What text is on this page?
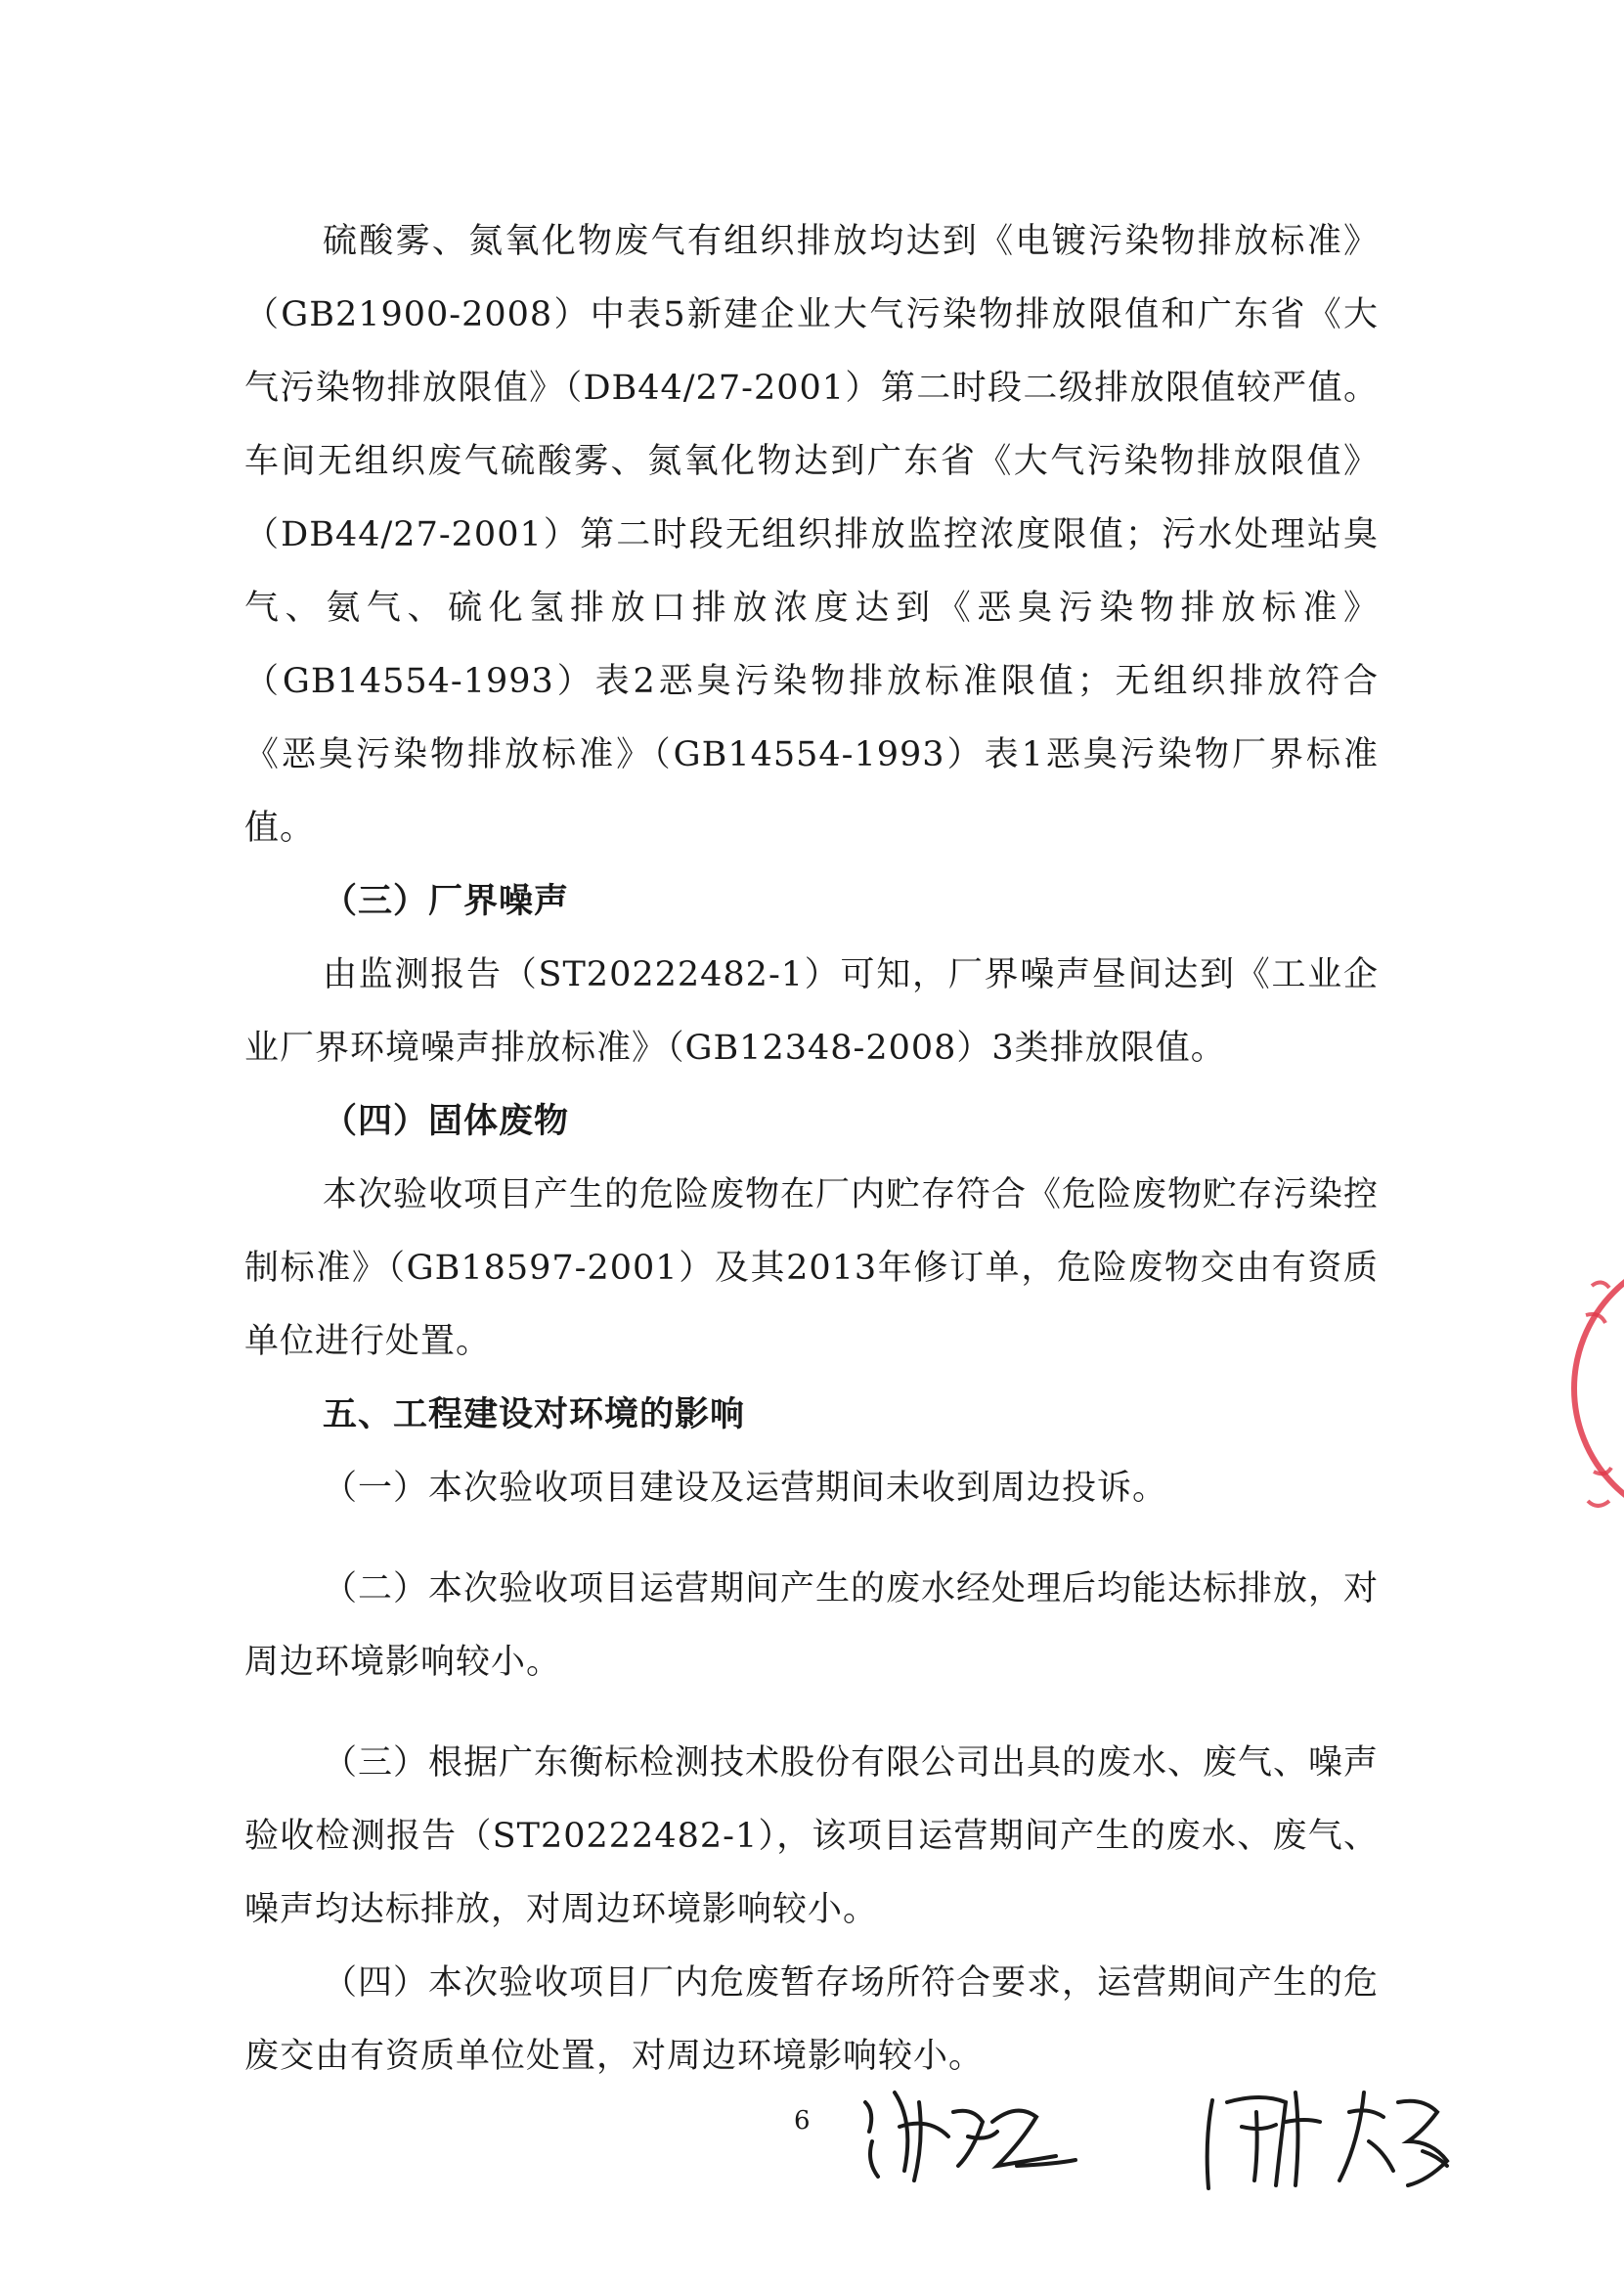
硫酸雾、氮氧化物废气有组织排放均达到《电镀污染物排放标准》（GB21900-2008）中表5新建企业大气污染物排放限值和广东省《大气污染物排放限值》（DB44/27-2001）第二时段二级排放限值较严值。车间无组织废气硫酸雾、氮氧化物达到广东省《大气污染物排放限值》（DB44/27-2001）第二时段无组织排放监控浓度限值；污水处理站臭气、氨气、硫化氢排放口排放浓度达到《恶臭污染物排放标准》（GB14554-1993）表2恶臭污染物排放标准限值；无组织排放符合《恶臭污染物排放标准》（GB14554-1993）表1恶臭污染物厂界标准值。

（三）厂界噪声

由监测报告（ST20222482-1）可知，厂界噪声昼间达到《工业企业厂界环境噪声排放标准》（GB12348-2008）3类排放限值。

（四）固体废物

本次验收项目产生的危险废物在厂内贮存符合《危险废物贮存污染控制标准》（GB18597-2001）及其2013年修订单，危险废物交由有资质单位进行处置。

五、工程建设对环境的影响

（一）本次验收项目建设及运营期间未收到周边投诉。

（二）本次验收项目运营期间产生的废水经处理后均能达标排放，对周边环境影响较小。

（三）根据广东衡标检测技术股份有限公司出具的废水、废气、噪声验收检测报告（ST20222482-1），该项目运营期间产生的废水、废气、噪声均达标排放，对周边环境影响较小。

（四）本次验收项目厂内危废暂存场所符合要求，运营期间产生的危废交由有资质单位处置，对周边环境影响较小。

6
